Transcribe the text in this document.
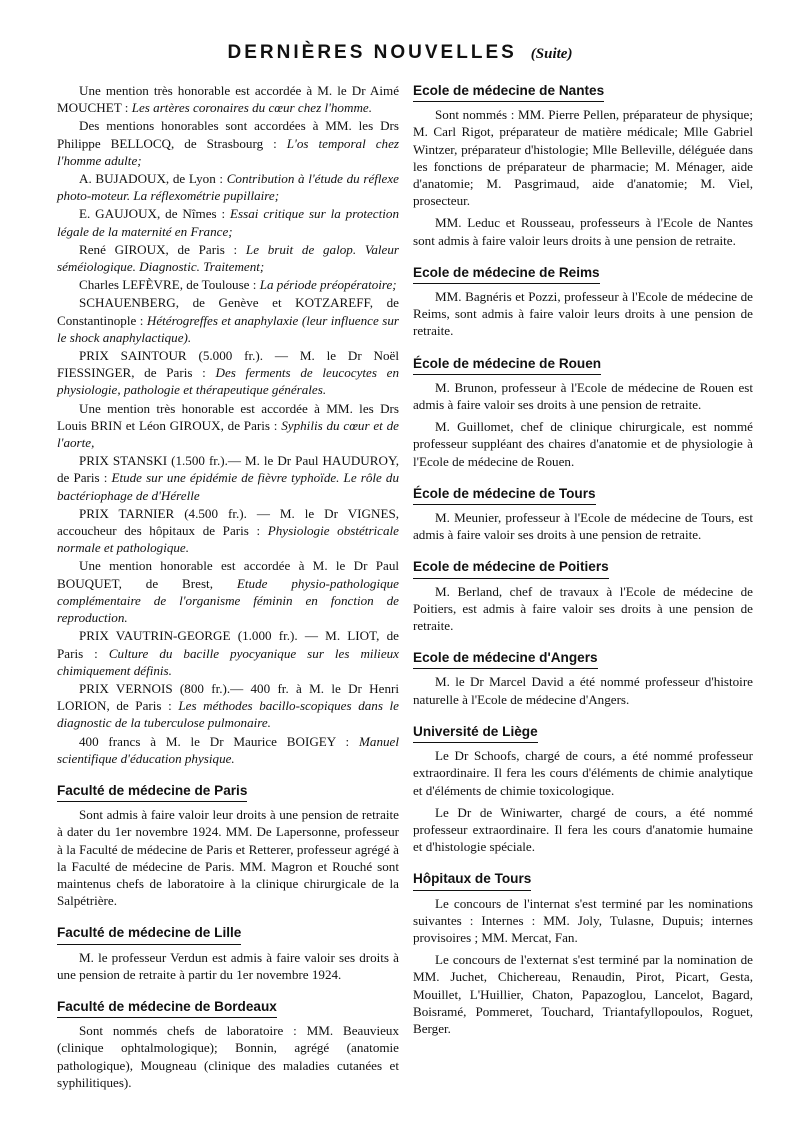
DERNIÈRES NOUVELLES (Suite)

Une mention très honorable est accordée à M. le Dr Aimé MOUCHET : Les artères coronaires du cœur chez l'homme.

Des mentions honorables sont accordées à MM. les Drs Philippe BELLOCQ, de Strasbourg : L'os temporal chez l'homme adulte;

A. BUJADOUX, de Lyon : Contribution à l'étude du réflexe photo-moteur. La réflexométrie pupillaire;

E. GAUJOUX, de Nîmes : Essai critique sur la protection légale de la maternité en France;

René GIROUX, de Paris : Le bruit de galop. Valeur séméiologique. Diagnostic. Traitement;

Charles LEFÈVRE, de Toulouse : La période préopératoire;

SCHAUENBERG, de Genève et KOTZAREFF, de Constantinople : Hétérogreffes et anaphylaxie (leur influence sur le shock anaphylactique).

PRIX SAINTOUR (5.000 fr.). — M. le Dr Noël FIESSINGER, de Paris : Des ferments de leucocytes en physiologie, pathologie et thérapeutique générales.

Une mention très honorable est accordée à MM. les Drs Louis BRIN et Léon GIROUX, de Paris : Syphilis du cœur et de l'aorte,

PRIX STANSKI (1.500 fr.).— M. le Dr Paul HAUDUROY, de Paris : Etude sur une épidémie de fièvre typhoïde. Le rôle du bactériophage de d'Hérelle

PRIX TARNIER (4.500 fr.). — M. le Dr VIGNES, accoucheur des hôpitaux de Paris : Physiologie obstétricale normale et pathologique.

Une mention honorable est accordée à M. le Dr Paul BOUQUET, de Brest, Etude physio-pathologique complémentaire de l'organisme féminin en fonction de reproduction.

PRIX VAUTRIN-GEORGE (1.000 fr.). — M. LIOT, de Paris : Culture du bacille pyocyanique sur les milieux chimiquement définis.

PRIX VERNOIS (800 fr.).— 400 fr. à M. le Dr Henri LORION, de Paris : Les méthodes bacillo-scopiques dans le diagnostic de la tuberculose pulmonaire.

400 francs à M. le Dr Maurice BOIGEY : Manuel scientifique d'éducation physique.

Faculté de médecine de Paris

Sont admis à faire valoir leur droits à une pension de retraite à dater du 1er novembre 1924. MM. De Lapersonne, professeur à la Faculté de médecine de Paris et Retterer, professeur agrégé à la Faculté de médecine de Paris. MM. Magron et Rouché sont maintenus chefs de laboratoire à la clinique chirurgicale de la Salpétrière.

Faculté de médecine de Lille

M. le professeur Verdun est admis à faire valoir ses droits à une pension de retraite à partir du 1er novembre 1924.

Faculté de médecine de Bordeaux

Sont nommés chefs de laboratoire : MM. Beauvieux (clinique ophtalmologique); Bonnin, agrégé (anatomie pathologique), Mougneau (clinique des maladies cutanées et syphilitiques).

Ecole de médecine de Nantes

Sont nommés : MM. Pierre Pellen, préparateur de physique; M. Carl Rigot, préparateur de matière médicale; Mlle Gabriel Wintzer, préparateur d'histologie; Mlle Belleville, déléguée dans les fonctions de préparateur de pharmacie; M. Ménager, aide d'anatomie; M. Pasgrimaud, aide d'anatomie; M. Viel, prosecteur.

MM. Leduc et Rousseau, professeurs à l'Ecole de Nantes sont admis à faire valoir leurs droits à une pension de retraite.

Ecole de médecine de Reims

MM. Bagnéris et Pozzi, professeur à l'Ecole de médecine de Reims, sont admis à faire valoir leurs droits à une pension de retraite.

École de médecine de Rouen

M. Brunon, professeur à l'Ecole de médecine de Rouen est admis à faire valoir ses droits à une pension de retraite.

M. Guillomet, chef de clinique chirurgicale, est nommé professeur suppléant des chaires d'anatomie et de physiologie à l'Ecole de médecine de Rouen.

École de médecine de Tours

M. Meunier, professeur à l'Ecole de médecine de Tours, est admis à faire valoir ses droits à une pension de retraite.

Ecole de médecine de Poitiers

M. Berland, chef de travaux à l'Ecole de médecine de Poitiers, est admis à faire valoir ses droits à une pension de retraite.

Ecole de médecine d'Angers

M. le Dr Marcel David a été nommé professeur d'histoire naturelle à l'Ecole de médecine d'Angers.

Université de Liège

Le Dr Schoofs, chargé de cours, a été nommé professeur extraordinaire. Il fera les cours d'éléments de chimie analytique et d'éléments de chimie toxicologique.

Le Dr de Winiwarter, chargé de cours, a été nommé professeur extraordinaire. Il fera les cours d'anatomie humaine et d'histologie spéciale.

Hôpitaux de Tours

Le concours de l'internat s'est terminé par les nominations suivantes : Internes : MM. Joly, Tulasne, Dupuis; internes provisoires ; MM. Mercat, Fan.

Le concours de l'externat s'est terminé par la nomination de MM. Juchet, Chichereau, Renaudin, Pirot, Picart, Gesta, Mouillet, L'Huillier, Chaton, Papazoglou, Lancelot, Bagard, Boisramé, Pommeret, Touchard, Triantafyllopoulos, Roguet, Berger.
